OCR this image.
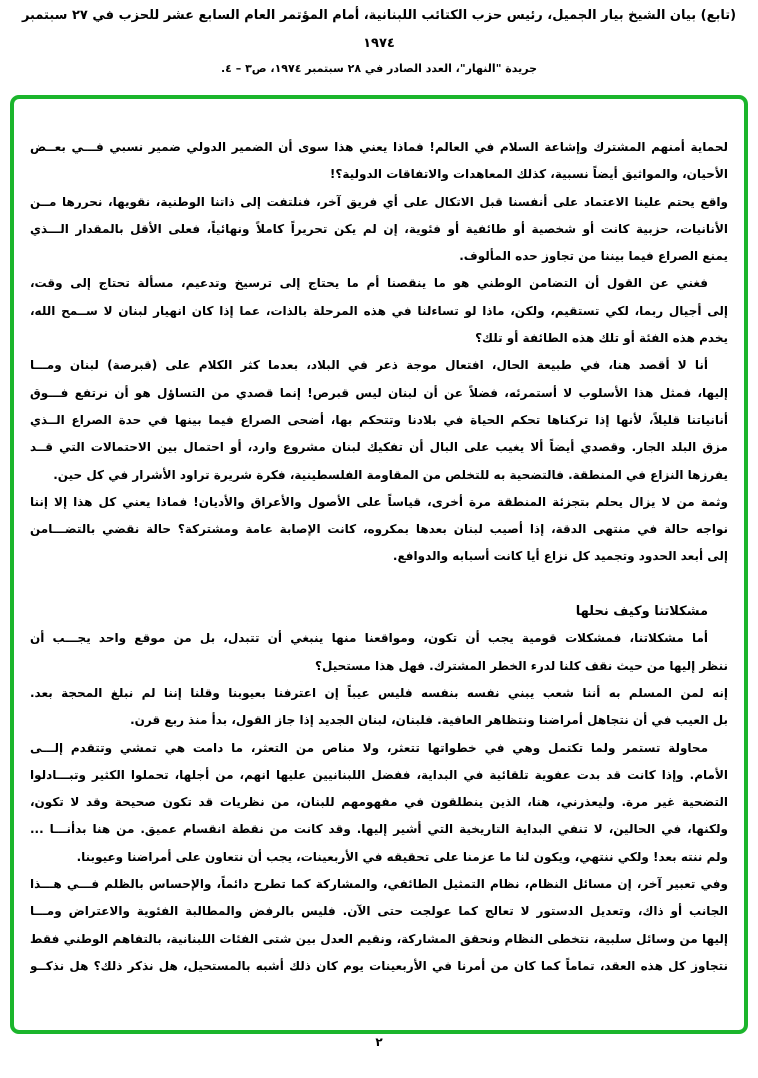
(تابع) بيان الشيخ بيار الجميل، رئيس حزب الكتائب اللبنانية، أمام المؤتمر العام السابع عشر للحزب في ٢٧ سبتمبر
١٩٧٤
جريدة "النهار"، العدد الصادر في ٢٨ سبتمبر ١٩٧٤، ص٣ – ٤.
لحماية أمنهم المشترك وإشاعة السلام في العالم! فماذا يعني هذا سوى أن الضمير الدولي ضمير نسبي فـــي بعــض
الأحيان، والمواثيق أيضاً نسبية، كذلك المعاهدات والاتفاقات الدولية؟!
واقع يحتم علينا الاعتماد على أنفسنا قبل الاتكال على أي فريق آخر، فنلتفت إلى ذاتنا الوطنية، نقويها، نحررها مــن
الأنانيات، حزبية كانت أو شخصية أو طائفية أو فئوية، إن لم يكن تحريراً كاملاً ونهائياً، فعلى الأقل بالمقدار الـــذي
يمنع الصراع فيما بيننا من تجاوز حده المألوف.
فغني عن القول أن التضامن الوطني هو ما ينقصنا أم ما يحتاج إلى ترسيخ وتدعيم، مسألة تحتاج إلى وقت،
إلى أجيال ربما، لكي تستقيم، ولكن، ماذا لو تساءلنا في هذه المرحلة بالذات، عما إذا كان انهيار لبنان لا ســمح الله،
يخدم هذه الفئة أو تلك هذه الطائفة أو تلك؟
أنا لا أقصد هنا، في طبيعة الحال، افتعال موجة ذعر في البلاد، بعدما كثر الكلام على (قبرصة) لبنان ومـــا
إليها، فمثل هذا الأسلوب لا أستمرئه، فضلاً عن أن لبنان ليس قبرص! إنما قصدي من التساؤل هو أن نرتفع فـــوق
أنانياتنا قليلاً، لأنها إذا تركناها تحكم الحياة في بلادنا وتتحكم بها، أضحى الصراع فيما بينها في حدة الصراع الــذي
مزق البلد الجار. وقصدي أيضاً ألا يغيب على البال أن تفكيك لبنان مشروع وارد، أو احتمال بين الاحتمالات التي قــد
يفرزها النزاع في المنطقة. فالتضحية به للتخلص من المقاومة الفلسطينية، فكرة شريرة تراود الأشرار في كل حين.
وثمة من لا يزال يحلم بتجزئة المنطقة مرة أخرى، قياساً على الأصول والأعراق والأديان! فماذا يعني كل هذا إلا إننا
نواجه حالة في منتهى الدقة، إذا أصيب لبنان بعدها بمكروه، كانت الإصابة عامة ومشتركة؟ حالة نقضي بالتضـــامن
إلى أبعد الحدود وتجميد كل نزاع أيا كانت أسبابه والدوافع.
مشكلاتنا وكيف نحلها
أما مشكلاتنا، فمشكلات قومية يجب أن تكون، ومواقعنا منها ينبغي أن تتبدل، بل من موقع واحد يجـــب أن
ننظر إليها من حيث نقف كلنا لدرء الخطر المشترك. فهل هذا مستحيل؟
إنه لمن المسلم به أننا شعب يبني نفسه بنفسه فليس عيباً إن اعترفنا بعيوبنا وقلنا إننا لم نبلغ المحجة بعد.
بل العيب في أن نتجاهل أمراضنا ونتظاهر العافية. فلبنان، لبنان الجديد إذا جاز القول، بدأ منذ ربع قرن.
محاولة تستمر ولما تكتمل وهي في خطواتها تتعثر، ولا مناص من التعثر، ما دامت هي تمشي وتتقدم إلـــى
الأمام. وإذا كانت قد بدت عفوية تلقائية في البداية، ففضل اللبنانيين عليها انهم، من أجلها، تحملوا الكثير وتبـــادلوا
التضحية غير مرة. وليعذرني، هنا، الذين ينطلقون في مفهومهم للبنان، من نظريات قد تكون صحيحة وقد لا تكون،
ولكنها، في الحالين، لا تنفي البداية التاريخية التي أشير إليها. وقد كانت من نقطة انقسام عميق. من هنا بدأنـــا ...
ولم ننته بعد! ولكي ننتهي، ويكون لنا ما عزمنا على تحقيقه في الأربعينات، يجب أن نتعاون على أمراضنا وعيوبنا.
وفي تعبير آخر، إن مسائل النظام، نظام التمثيل الطائفي، والمشاركة كما تطرح دائماً، والإحساس بالظلم فـــي هـــذا
الجانب أو ذاك، وتعديل الدستور لا تعالج كما عولجت حتى الآن. فليس بالرفض والمطالبة الفئوية والاعتراض ومـــا
إليها من وسائل سلبية، نتخطى النظام ونحقق المشاركة، ونقيم العدل بين شتى الفئات اللبنانية، بالتفاهم الوطني فقط
نتجاوز كل هذه العقد، تماماً كما كان من أمرنا في الأربعينات يوم كان ذلك أشبه بالمستحيل، هل نذكر ذلك؟ هل نذكــو
٢
